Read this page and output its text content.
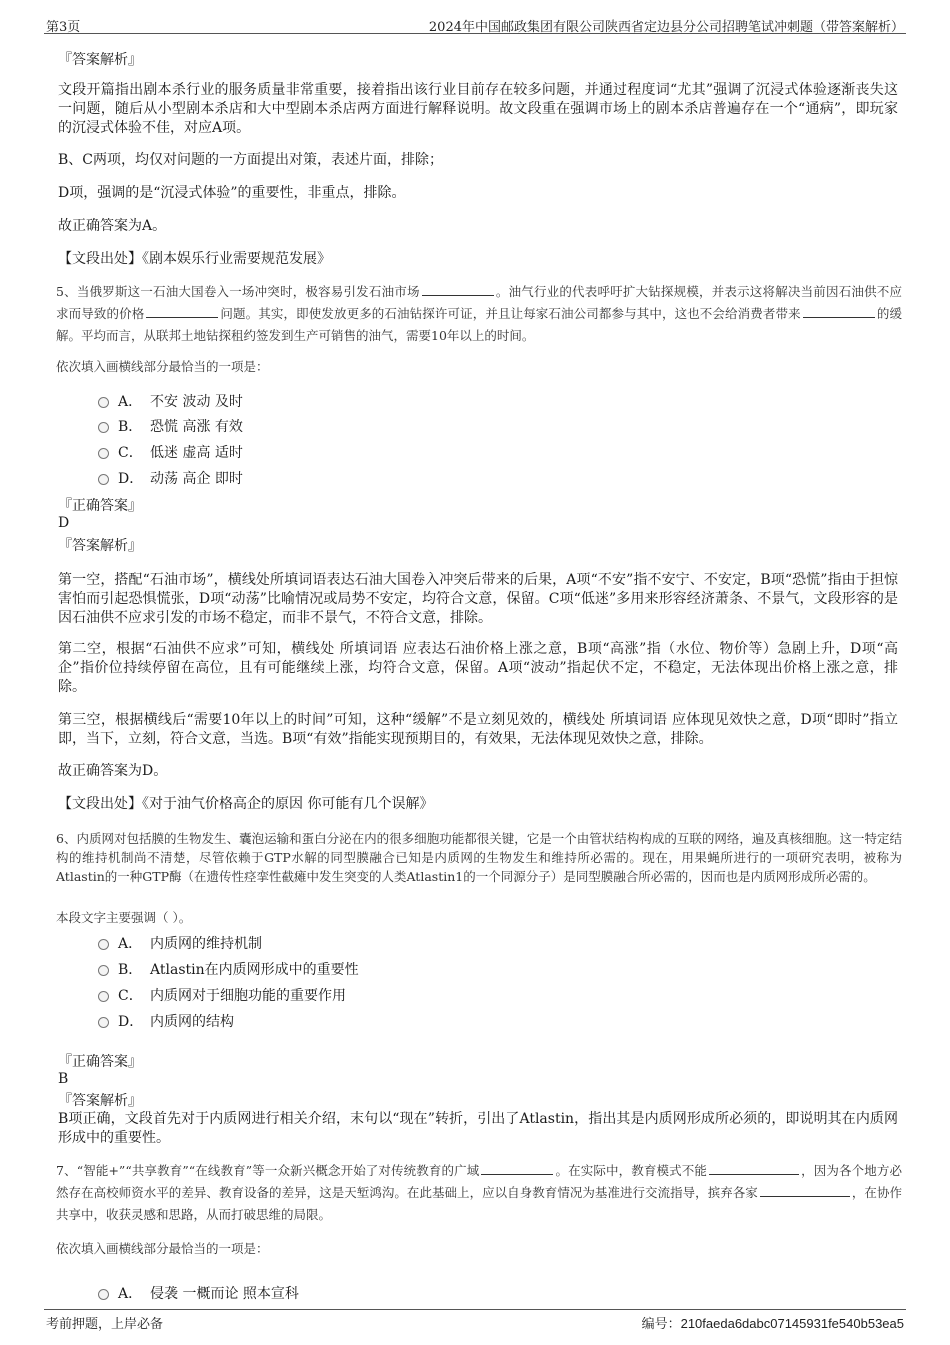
第3页	2024年中国邮政集团有限公司陕西省定边县分公司招聘笔试冲刺题（带答案解析）
『答案解析』
文段开篇指出剧本杀行业的服务质量非常重要，接着指出该行业目前存在较多问题，并通过程度词“尤其”强调了沉浸式体验逐渐丧失这一问题，随后从小型剧本杀店和大中型剧本杀店两方面进行解释说明。故文段重在强调市场上的剧本杀店普遍存在一个“通病”，即玩家的沉浸式体验不佳，对应A项。
B、C两项，均仅对问题的一方面提出对策，表述片面，排除；
D项，强调的是“沉浸式体验”的重要性，非重点，排除。
故正确答案为A。
【文段出处】《剧本娱乐行业需要规范发展》
5、当俄罗斯这一石油大国卷入一场冲突时，极容易引发石油市场	。油气行业的代表呼吁扩大钻探规模，并表示这将解决当前因石油供不应求而导致的价格	问题。其实，即使发放更多的石油钻探许可证，并且让每家石油公司都参与其中，这也不会给消费者带来	的缓解。平均而言，从联邦土地钻探租约签发到生产可销售的油气，需要10年以上的时间。
依次填入画横线部分最恰当的一项是：
A． 不安 波动 及时
B． 恐慌 高涨 有效
C． 低迷 虚高 适时
D． 动荡 高企 即时
『正确答案』
D
『答案解析』
第一空，搭配“石油市场”，横线处所填词语表达石油大国卷入冲突后带来的后果，A项“不安”指不安宁、不安定，B项“恐慌”指由于担惊害怕而引起恐惧慌张，D项“动荡”比喻情况或局势不安定，均符合文意，保留。C项“低迷”多用来形容经济萧条、不景气，文段形容的是因石油供不应求引发的市场不稳定，而非不景气，不符合文意，排除。
第二空，根据“石油供不应求”可知，横线处 所填词语 应表达石油价格上涨之意，B项“高涨”指（水位、物价等）急剧上升，D项“高企”指价位持续停留在高位，且有可能继续上涨，均符合文意，保留。A项“波动”指起伏不定，不稳定，无法体现出价格上涨之意，排除。
第三空，根据横线后“需要10年以上的时间”可知，这种“缓解”不是立刻见效的，横线处 所填词语 应体现见效快之意，D项“即时”指立即，当下，立刻，符合文意，当选。B项“有效”指能实现预期目的，有效果，无法体现见效快之意，排除。
故正确答案为D。
【文段出处】《对于油气价格高企的原因 你可能有几个误解》
6、内质网对包括膜的生物发生、囊泡运输和蛋白分泌在内的很多细胞功能都很关键，它是一个由管状结构构成的互联的网络，遍及真核细胞。这一特定结构的维持机制尚不清楚，尽管依赖于GTP水解的同型膜融合已知是内质网的生物发生和维持所必需的。现在，用果蝇所进行的一项研究表明，被称为Atlastin的一种GTP酶（在遗传性痉挛性截瘫中发生突变的人类Atlastin1的一个同源分子）是同型膜融合所必需的，因而也是内质网形成所必需的。
本段文字主要强调（ ）。
A． 内质网的维持机制
B． Atlastin在内质网形成中的重要性
C． 内质网对于细胞功能的重要作用
D． 内质网的结构
『正确答案』
B
『答案解析』
B项正确，文段首先对于内质网进行相关介绍，末句以“现在”转折，引出了Atlastin，指出其是内质网形成所必须的，即说明其在内质网形成中的重要性。
7、“智能+”“共享教育”“在线教育”等一众新兴概念开始了对传统教育的广域	。在实际中，教育模式不能	，因为各个地方必然存在高校师资水平的差异、教育设备的差异，这是天堑鸿沟。在此基础上，应以自身教育情况为基准进行交流指导，摈弃各家	，在协作共享中，收获灵感和思路，从而打破思维的局限。
依次填入画横线部分最恰当的一项是：
A． 侵袭 一概而论 照本宣科
考前押题，上岸必备	编号：210faeda6dabc07145931fe540b53ea5
